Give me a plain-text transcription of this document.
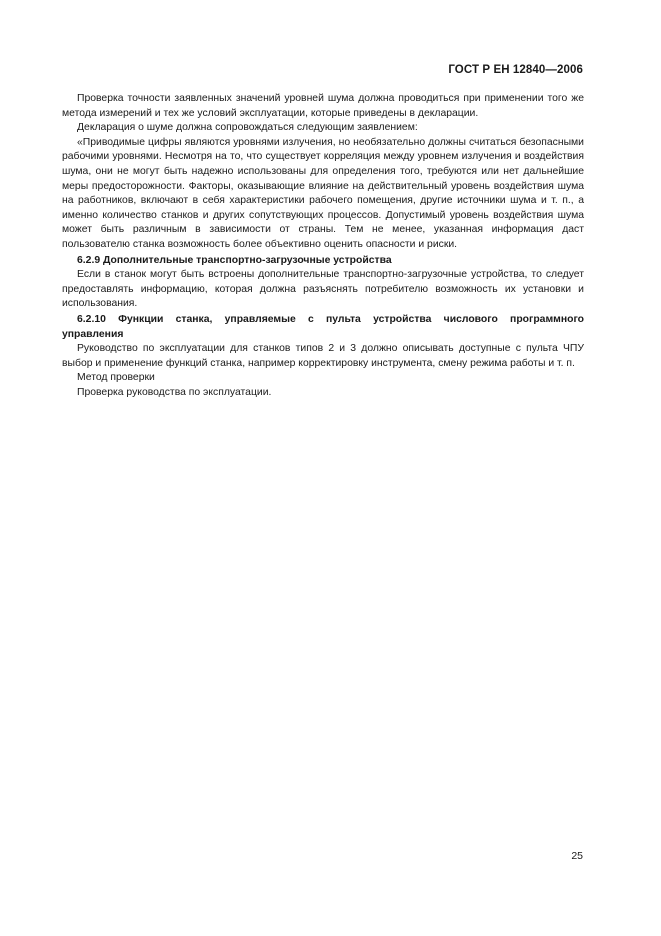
ГОСТ Р ЕН 12840—2006

Проверка точности заявленных значений уровней шума должна проводиться при применении того же метода измерений и тех же условий эксплуатации, которые приведены в декларации.

Декларация о шуме должна сопровождаться следующим заявлением:

«Приводимые цифры являются уровнями излучения, но необязательно должны считаться безопасными рабочими уровнями. Несмотря на то, что существует корреляция между уровнем излучения и воздействия шума, они не могут быть надежно использованы для определения того, требуются или нет дальнейшие меры предосторожности. Факторы, оказывающие влияние на действительный уровень воздействия шума на работников, включают в себя характеристики рабочего помещения, другие источники шума и т. п., а именно количество станков и других сопутствующих процессов. Допустимый уровень воздействия шума может быть различным в зависимости от страны. Тем не менее, указанная информация даст пользователю станка возможность более объективно оценить опасности и риски.

6.2.9 Дополнительные транспортно-загрузочные устройства

Если в станок могут быть встроены дополнительные транспортно-загрузочные устройства, то следует предоставлять информацию, которая должна разъяснять потребителю возможность их установки и использования.

6.2.10 Функции станка, управляемые с пульта устройства числового программного управления

Руководство по эксплуатации для станков типов 2 и 3 должно описывать доступные с пульта ЧПУ выбор и применение функций станка, например корректировку инструмента, смену режима работы и т. п.

Метод проверки

Проверка руководства по эксплуатации.

25
